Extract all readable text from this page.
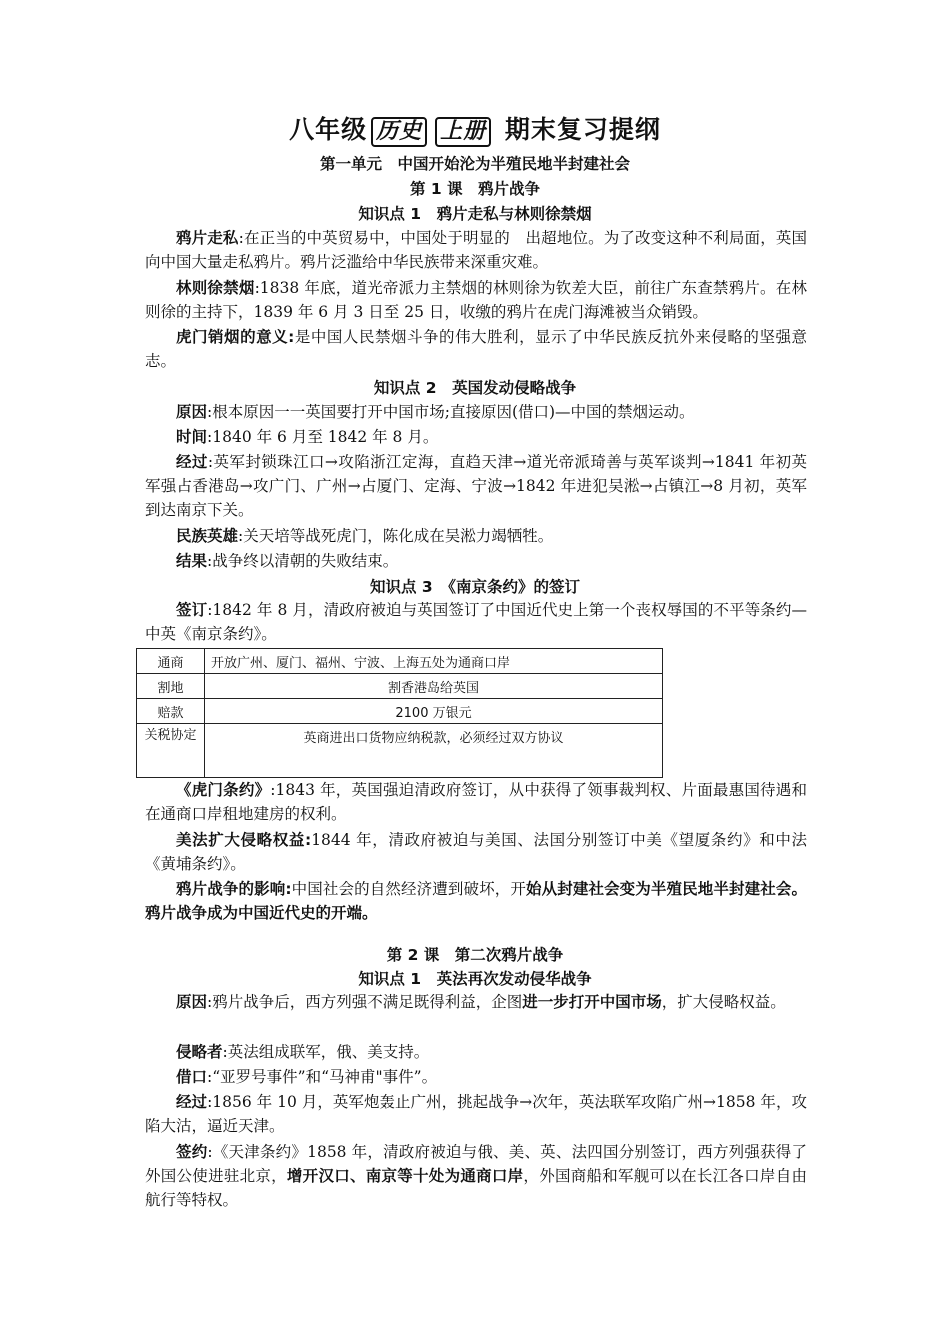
八年级 历史 上册 期末复习提纲
第一单元　中国开始沦为半殖民地半封建社会
第 1 课　鸦片战争
知识点 1　鸦片走私与林则徐禁烟
鸦片走私:在正当的中英贸易中，中国处于明显的　出超地位。为了改变这种不利局面，英国向中国大量走私鸦片。鸦片泛滥给中华民族带来深重灾难。
林则徐禁烟:1838 年底，道光帝派力主禁烟的林则徐为钦差大臣，前往广东查禁鸦片。在林则徐的主持下，1839 年 6 月 3 日至 25 日，收缴的鸦片在虎门海滩被当众销毁。
虎门销烟的意义:是中国人民禁烟斗争的伟大胜利，显示了中华民族反抗外来侵略的坚强意志。
知识点 2　英国发动侵略战争
原因:根本原因一一英国要打开中国市场;直接原因(借口)—中国的禁烟运动。
时间:1840 年 6 月至 1842 年 8 月。
经过:英军封锁珠江口→攻陷浙江定海，直趋天津→道光帝派琦善与英军谈判→1841 年初英军强占香港岛→攻广门、广州→占厦门、定海、宁波→1842 年进犯吴淞→占镇江→8 月初，英军到达南京下关。
民族英雄:关天培等战死虎门，陈化成在吴淞力竭牺牲。
结果:战争终以清朝的失败结束。
知识点 3　《南京条约》的签订
签订:1842 年 8 月，清政府被迫与英国签订了中国近代史上第一个丧权辱国的不平等条约—中英《南京条约》。
通商	开放广州、厦门、福州、宁波、上海五处为通商口岸
割地	割香港岛给英国
赔款	2100 万银元
关税协定	英商进出口货物应纳税款，必须经过双方协议
《虎门条约》:1843 年，英国强迫清政府签订，从中获得了领事裁判权、片面最惠国待遇和在通商口岸租地建房的权利。
美法扩大侵略权益:1844 年，清政府被迫与美国、法国分别签订中美《望厦条约》和中法《黄埔条约》。
鸦片战争的影响:中国社会的自然经济遭到破坏，开始从封建社会变为半殖民地半封建社会。鸦片战争成为中国近代史的开端。
第 2 课　第二次鸦片战争
知识点 1　英法再次发动侵华战争
原因:鸦片战争后，西方列强不满足既得利益，企图进一步打开中国市场，扩大侵略权益。
侵略者:英法组成联军，俄、美支持。
借口:“亚罗号事件”和“马神甫"事件”。
经过:1856 年 10 月，英军炮轰止广州，挑起战争→次年，英法联军攻陷广州→1858 年，攻陷大沽，逼近天津。
签约:《天津条约》1858 年，清政府被迫与俄、美、英、法四国分别签订，西方列强获得了外国公使进驻北京，增开汉口、南京等十处为通商口岸，外国商船和军舰可以在长江各口岸自由航行等特权。
